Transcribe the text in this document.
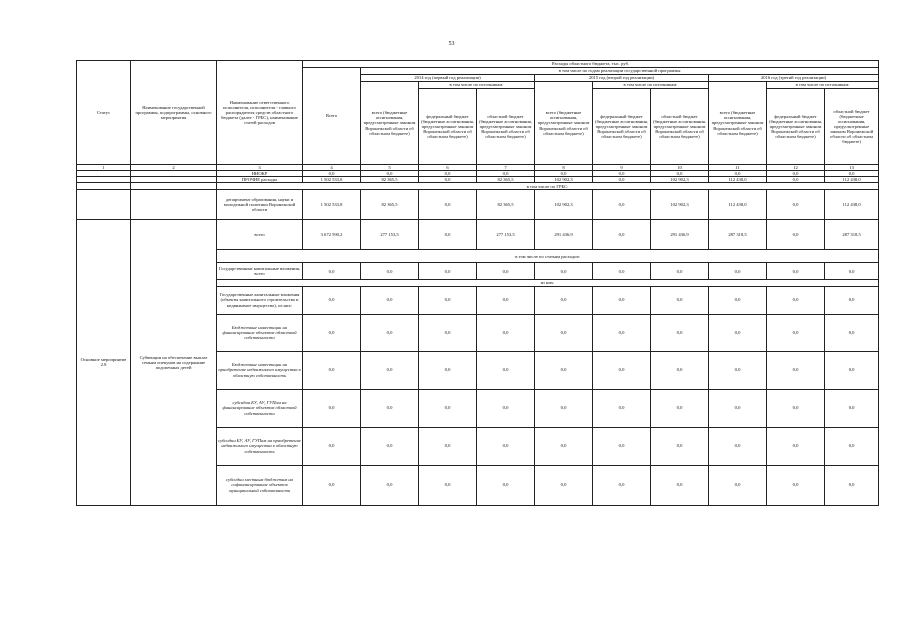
53
Статус	Наименование государственной программы, подпрограммы, основного мероприятия	Наименование ответственного исполнителя, исполнителя - главного распорядителя средств областного бюджета (далее - ГРБС), наименование статей расходов	Расходы областного бюджета, тыс. руб.									
			Всего	в том числе по годам реализации государственной программы								
				2014 год (первый год реализации)			2015 год (второй год реализации)			2016 год (третий год реализации)		
				всего (бюджетные ассигнования, предусмотренные законом Воронежской области об областном бюджете)	в том числе по источникам:		всего (бюджетные ассигнования, предусмотренные законом Воронежской области об областном бюджете)	в том числе по источникам:		всего (бюджетные ассигнования, предусмотренные законом Воронежской области об областном бюджете)	в том числе по источникам:	
					федеральный бюджет (бюджетные ассигнования, предусмотренные законом Воронежской области об областном бюджете)	областной бюджет (бюджетные ассигнования, предусмотренные законом Воронежской области об областном бюджете)		федеральный бюджет (бюджетные ассигнования, предусмотренные законом Воронежской области об областном бюджете)	областной бюджет (бюджетные ассигнования, предусмотренные законом Воронежской области об областном бюджете)		федеральный бюджет (бюджетные ассигнования, предусмотренные законом Воронежской области об областном бюджете)	областной бюджет (бюджетные ассигнования, предусмотренные законом Воронежской области об областном бюджете)
1	2	3	4	5	6	7	8	9	10	11	12	13
		НИОКР	0,0	0,0	0,0	0,0	0,0	0,0	0,0	0,0	0,0	0,0
		ПРОЧИЕ расходы	1 502 533,8	82 365,5	0,0	82 365,5	102 902,3	0,0	102 902,3	112 438,0	0,0	112 438,0
		в том числе по ГРБС:										
		департамент образования, науки и молодежной политики Воронежской области	1 502 533,8	82 365,5	0,0	82 365,5	102 902,3	0,0	102 902,3	112 438,0	0,0	112 438,0
Основное мероприятие 2.8	Субвенции на обеспечение выплат семьям опекунов на содержание подопечных детей	всего	3 672 590,2	277 153,5	0,0	277 153,5	291 436,9	0,0	291 436,9	287 318,5	0,0	287 318,5
		в том числе по статьям расходов:										
		Государственные капитальные вложения, всего	0,0	0,0	0,0	0,0	0,0	0,0	0,0	0,0	0,0	0,0
		из них:										
		Государственные капитальные вложения (объекты капитального строительства и недвижимое имущество), из них:	0,0	0,0	0,0	0,0	0,0	0,0	0,0	0,0	0,0	0,0
		Бюджетные инвестиции на финансирование объектов областной собственности	0,0	0,0	0,0	0,0	0,0	0,0	0,0	0,0	0,0	0,0
		Бюджетные инвестиции на приобретение недвижимого имущества в областную собственность	0,0	0,0	0,0	0,0	0,0	0,0	0,0	0,0	0,0	0,0
		субсидии БУ, АУ, ГУПам на финансирование объектов областной собственности	0,0	0,0	0,0	0,0	0,0	0,0	0,0	0,0	0,0	0,0
		субсидии БУ, АУ, ГУПам на приобретение недвижимого имущества в областную собственность	0,0	0,0	0,0	0,0	0,0	0,0	0,0	0,0	0,0	0,0
		субсидии местным бюджетам на софинансирование объектов муниципальной собственности	0,0	0,0	0,0	0,0	0,0	0,0	0,0	0,0	0,0	0,0
